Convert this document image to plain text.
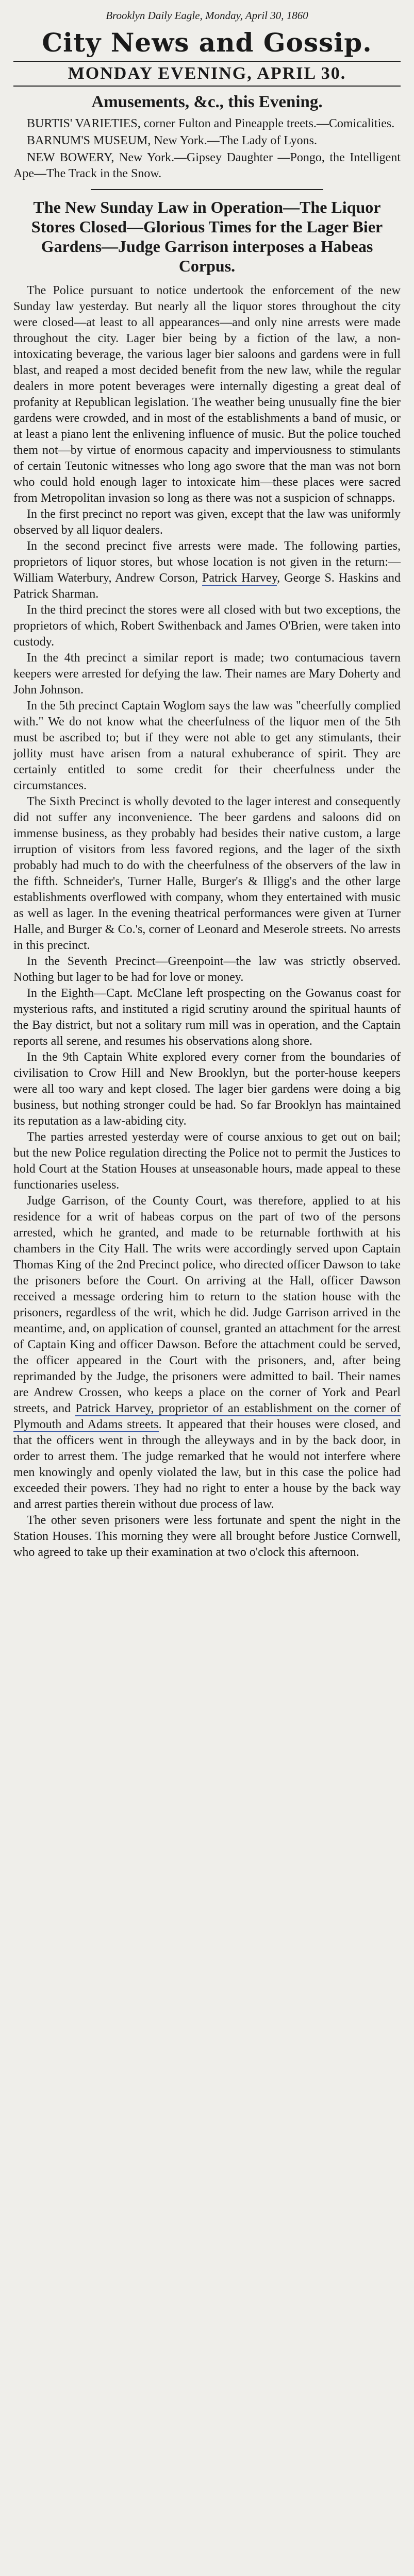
Brooklyn Daily Eagle, Monday, April 30, 1860
City News and Gossip.
MONDAY EVENING, APRIL 30.
Amusements, &c., this Evening.

BURTIS' VARIETIES, corner Fulton and Pineapple treets.—Comicalities.

BARNUM'S MUSEUM, New York.—The Lady of Lyons.

NEW BOWERY, New York.—Gipsey Daughter —Pongo, the Intelligent Ape—The Track in the Snow.

The New Sunday Law in Operation—The Liquor Stores Closed—Glorious Times for the Lager Bier Gardens—Judge Garrison interposes a Habeas Corpus.

The Police pursuant to notice undertook the enforcement of the new Sunday law yesterday. But nearly all the liquor stores throughout the city were closed—at least to all appearances—and only nine arrests were made throughout the city. Lager bier being by a fiction of the law, a non-intoxicating beverage, the various lager bier saloons and gardens were in full blast, and reaped a most decided benefit from the new law, while the regular dealers in more potent beverages were internally digesting a great deal of profanity at Republican legislation. The weather being unusually fine the bier gardens were crowded, and in most of the establishments a band of music, or at least a piano lent the enlivening influence of music. But the police touched them not—by virtue of enormous capacity and imperviousness to stimulants of certain Teutonic witnesses who long ago swore that the man was not born who could hold enough lager to intoxicate him—these places were sacred from Metropolitan invasion so long as there was not a suspicion of schnapps.

In the first precinct no report was given, except that the law was uniformly observed by all liquor dealers.

In the second precinct five arrests were made. The following parties, proprietors of liquor stores, but whose location is not given in the return:—William Waterbury, Andrew Corson, Patrick Harvey, George S. Haskins and Patrick Sharman.

In the third precinct the stores were all closed with but two exceptions, the proprietors of which, Robert Swithenback and James O'Brien, were taken into custody.

In the 4th precinct a similar report is made; two contumacious tavern keepers were arrested for defying the law. Their names are Mary Doherty and John Johnson.

In the 5th precinct Captain Woglom says the law was "cheerfully complied with." We do not know what the cheerfulness of the liquor men of the 5th must be ascribed to; but if they were not able to get any stimulants, their jollity must have arisen from a natural exhuberance of spirit. They are certainly entitled to some credit for their cheerfulness under the circumstances.

The Sixth Precinct is wholly devoted to the lager interest and consequently did not suffer any inconvenience. The beer gardens and saloons did on immense business, as they probably had besides their native custom, a large irruption of visitors from less favored regions, and the lager of the sixth probably had much to do with the cheerfulness of the observers of the law in the fifth. Schneider's, Turner Halle, Burger's & Illigg's and the other large establishments overflowed with company, whom they entertained with music as well as lager. In the evening theatrical performances were given at Turner Halle, and Burger & Co.'s, corner of Leonard and Meserole streets. No arrests in this precinct.

In the Seventh Precinct—Greenpoint—the law was strictly observed. Nothing but lager to be had for love or money.

In the Eighth—Capt. McClane left prospecting on the Gowanus coast for mysterious rafts, and instituted a rigid scrutiny around the spiritual haunts of the Bay district, but not a solitary rum mill was in operation, and the Captain reports all serene, and resumes his observations along shore.

In the 9th Captain White explored every corner from the boundaries of civilisation to Crow Hill and New Brooklyn, but the porter-house keepers were all too wary and kept closed. The lager bier gardens were doing a big business, but nothing stronger could be had. So far Brooklyn has maintained its reputation as a law-abiding city.

The parties arrested yesterday were of course anxious to get out on bail; but the new Police regulation directing the Police not to permit the Justices to hold Court at the Station Houses at unseasonable hours, made appeal to these functionaries useless.

Judge Garrison, of the County Court, was therefore, applied to at his residence for a writ of habeas corpus on the part of two of the persons arrested, which he granted, and made to be returnable forthwith at his chambers in the City Hall. The writs were accordingly served upon Captain Thomas King of the 2nd Precinct police, who directed officer Dawson to take the prisoners before the Court. On arriving at the Hall, officer Dawson received a message ordering him to return to the station house with the prisoners, regardless of the writ, which he did. Judge Garrison arrived in the meantime, and, on application of counsel, granted an attachment for the arrest of Captain King and officer Dawson. Before the attachment could be served, the officer appeared in the Court with the prisoners, and, after being reprimanded by the Judge, the prisoners were admitted to bail. Their names are Andrew Crossen, who keeps a place on the corner of York and Pearl streets, and Patrick Harvey, proprietor of an establishment on the corner of Plymouth and Adams streets. It appeared that their houses were closed, and that the officers went in through the alleyways and in by the back door, in order to arrest them. The judge remarked that he would not interfere where men knowingly and openly violated the law, but in this case the police had exceeded their powers. They had no right to enter a house by the back way and arrest parties therein without due process of law.

The other seven prisoners were less fortunate and spent the night in the Station Houses. This morning they were all brought before Justice Cornwell, who agreed to take up their examination at two o'clock this afternoon.
